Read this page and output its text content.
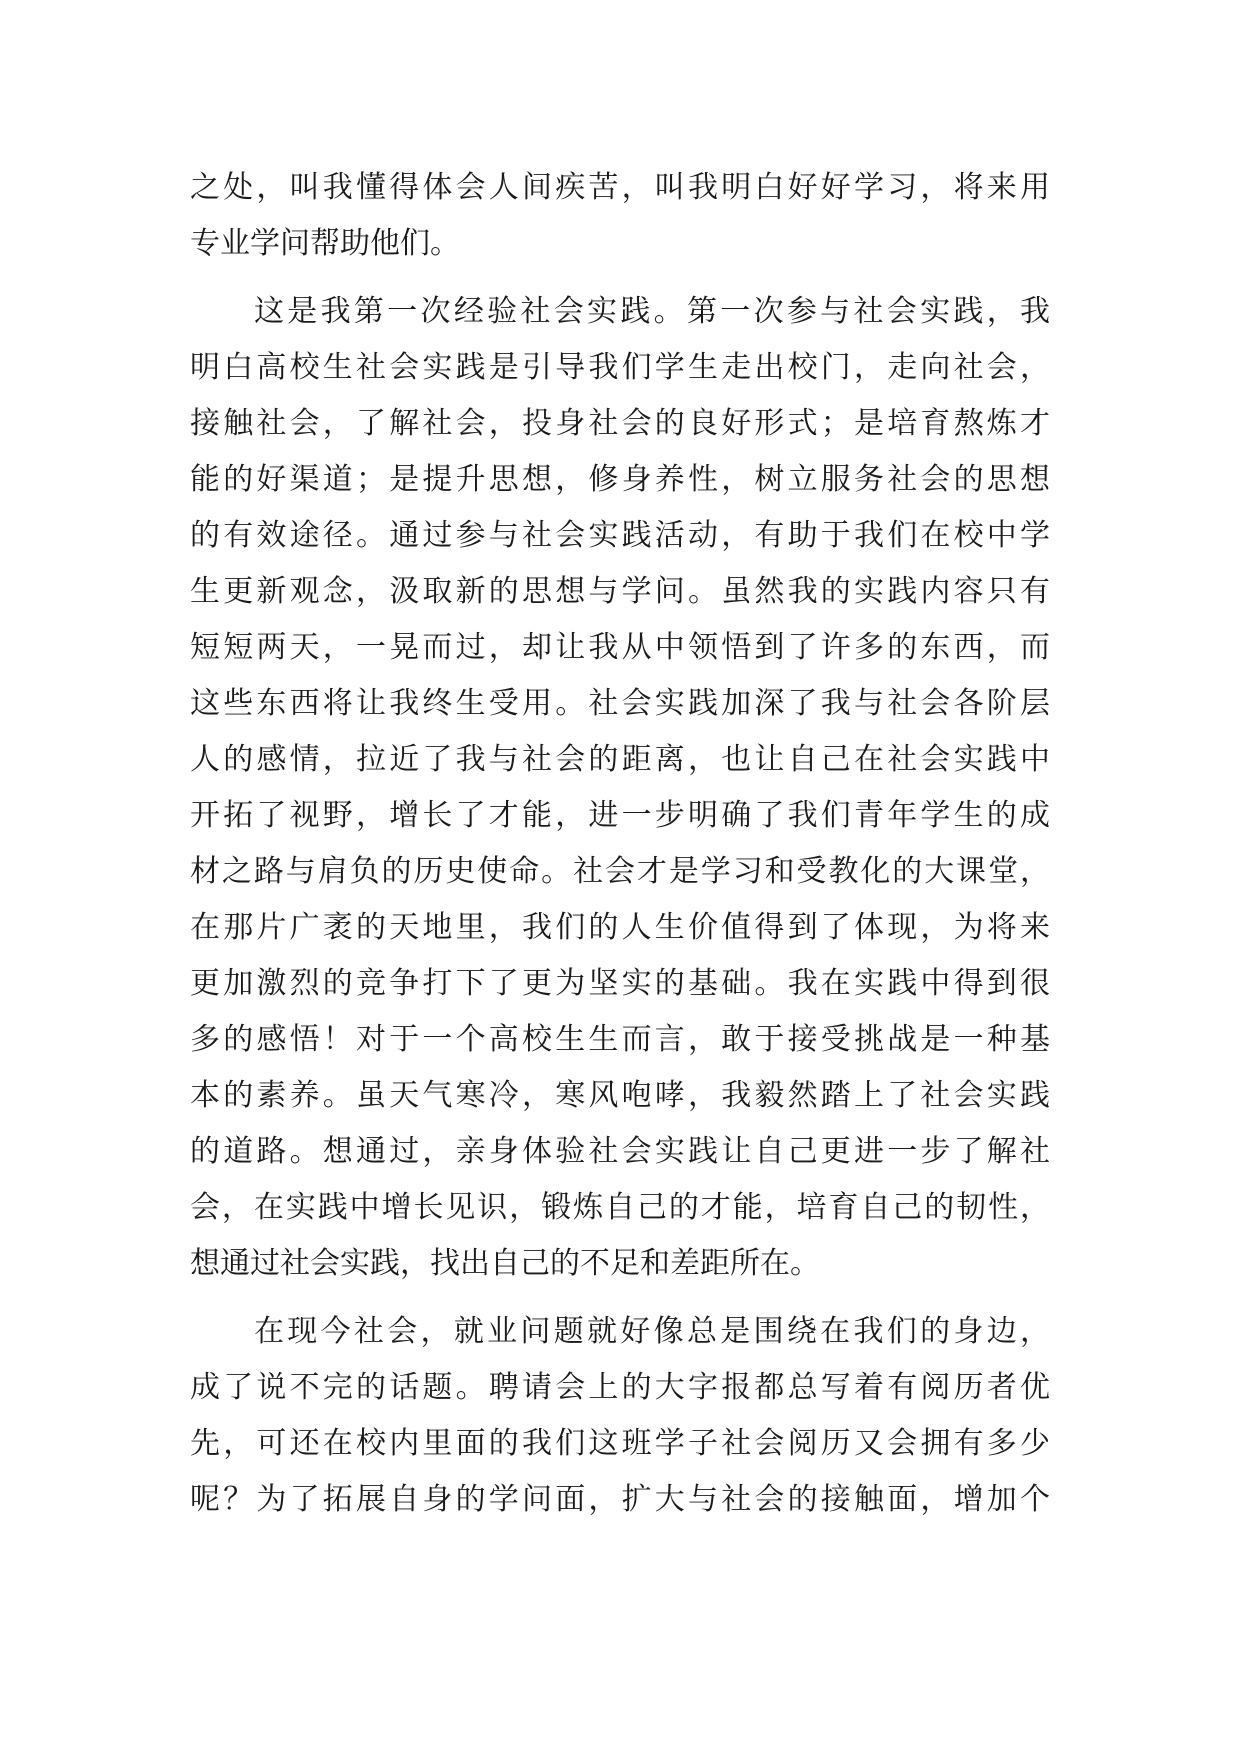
之处，叫我懂得体会人间疾苦，叫我明白好好学习，将来用
专业学问帮助他们。
这是我第一次经验社会实践。第一次参与社会实践，我
明白高校生社会实践是引导我们学生走出校门，走向社会，
接触社会，了解社会，投身社会的良好形式；是培育熬炼才
能的好渠道；是提升思想，修身养性，树立服务社会的思想
的有效途径。通过参与社会实践活动，有助于我们在校中学
生更新观念，汲取新的思想与学问。虽然我的实践内容只有
短短两天，一晃而过，却让我从中领悟到了许多的东西，而
这些东西将让我终生受用。社会实践加深了我与社会各阶层
人的感情，拉近了我与社会的距离，也让自己在社会实践中
开拓了视野，增长了才能，进一步明确了我们青年学生的成
材之路与肩负的历史使命。社会才是学习和受教化的大课堂，
在那片广袤的天地里，我们的人生价值得到了体现，为将来
更加激烈的竞争打下了更为坚实的基础。我在实践中得到很
多的感悟！对于一个高校生生而言，敢于接受挑战是一种基
本的素养。虽天气寒冷，寒风咆哮，我毅然踏上了社会实践
的道路。想通过，亲身体验社会实践让自己更进一步了解社
会，在实践中增长见识，锻炼自己的才能，培育自己的韧性，
想通过社会实践，找出自己的不足和差距所在。
在现今社会，就业问题就好像总是围绕在我们的身边，
成了说不完的话题。聘请会上的大字报都总写着有阅历者优
先，可还在校内里面的我们这班学子社会阅历又会拥有多少
呢？为了拓展自身的学问面，扩大与社会的接触面，增加个
